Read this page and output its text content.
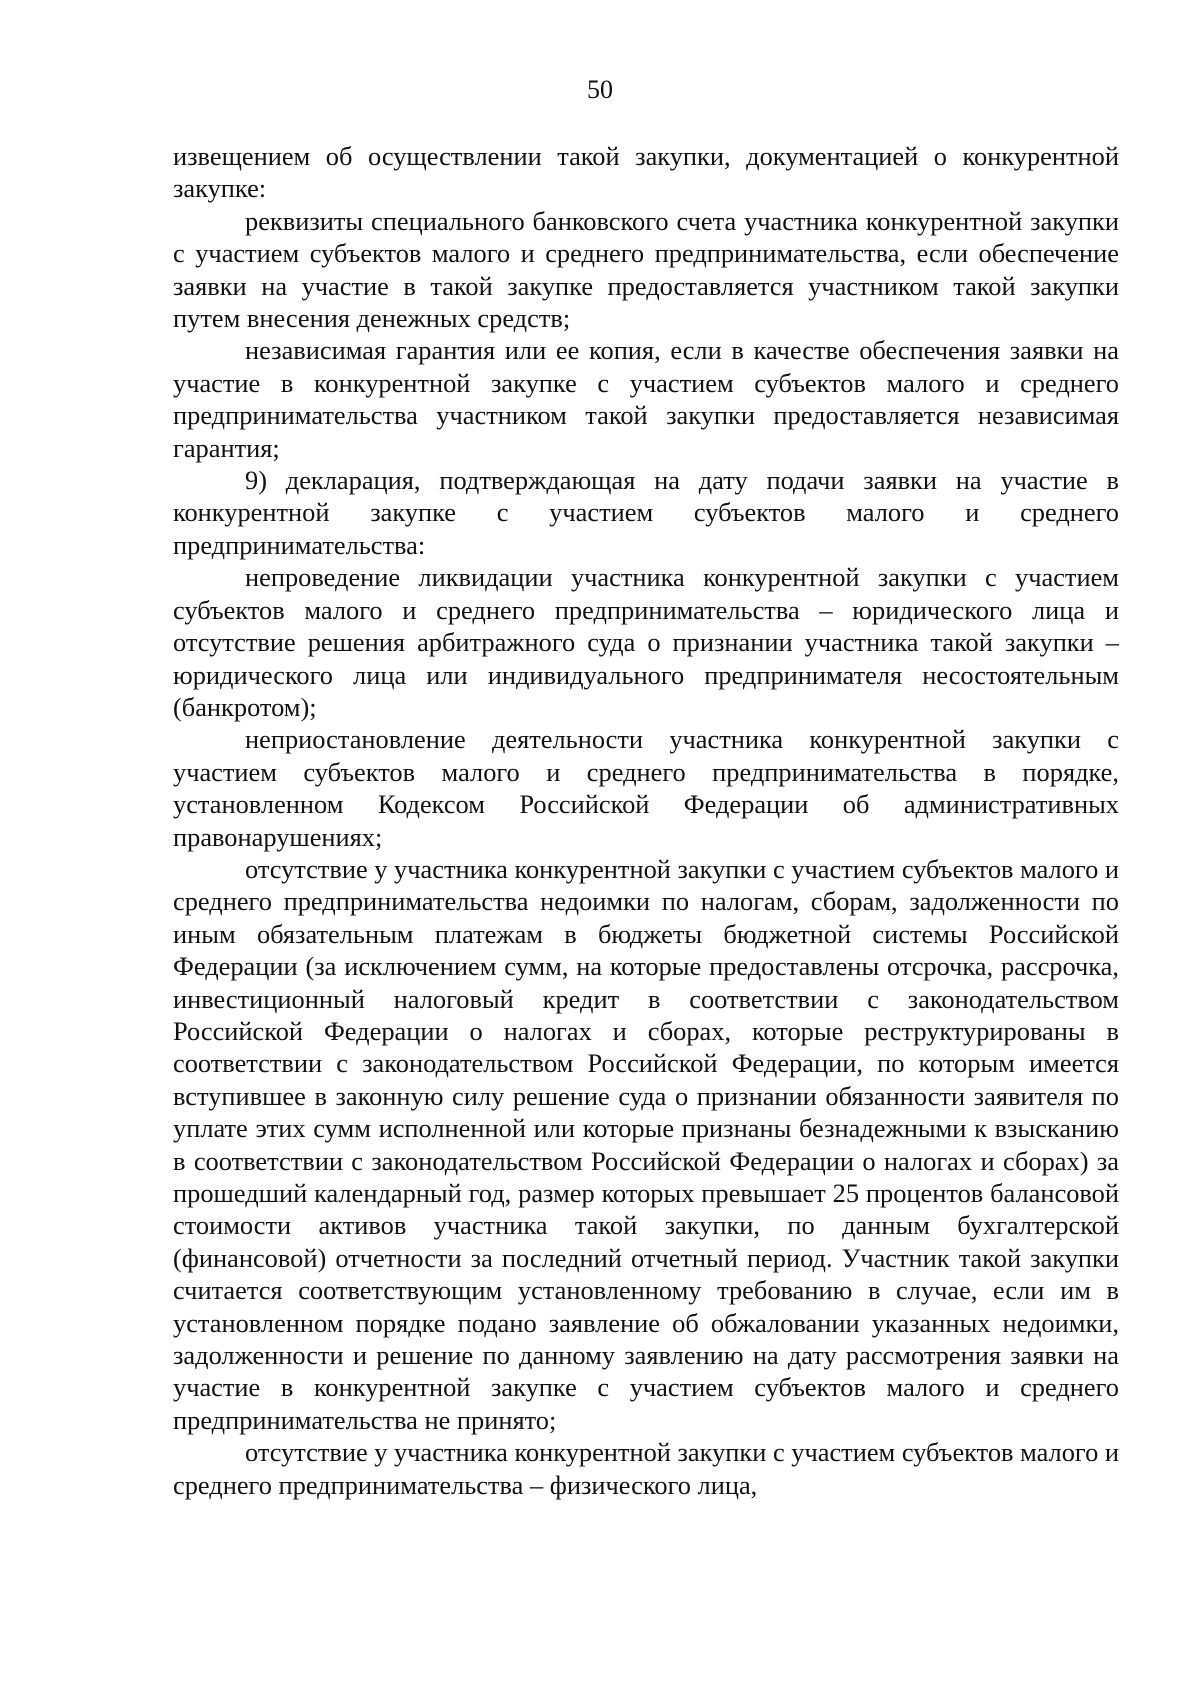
50

извещением об осуществлении такой закупки, документацией о конкурентной закупке:

реквизиты специального банковского счета участника конкурентной закупки с участием субъектов малого и среднего предпринимательства, если обеспечение заявки на участие в такой закупке предоставляется участником такой закупки путем внесения денежных средств;

независимая гарантия или ее копия, если в качестве обеспечения заявки на участие в конкурентной закупке с участием субъектов малого и среднего предпринимательства участником такой закупки предоставляется независимая гарантия;

9) декларация, подтверждающая на дату подачи заявки на участие в конкурентной закупке с участием субъектов малого и среднего предпринимательства:

непроведение ликвидации участника конкурентной закупки с участием субъектов малого и среднего предпринимательства – юридического лица и отсутствие решения арбитражного суда о признании участника такой закупки – юридического лица или индивидуального предпринимателя несостоятельным (банкротом);

неприостановление деятельности участника конкурентной закупки с участием субъектов малого и среднего предпринимательства в порядке, установленном Кодексом Российской Федерации об административных правонарушениях;

отсутствие у участника конкурентной закупки с участием субъектов малого и среднего предпринимательства недоимки по налогам, сборам, задолженности по иным обязательным платежам в бюджеты бюджетной системы Российской Федерации (за исключением сумм, на которые предоставлены отсрочка, рассрочка, инвестиционный налоговый кредит в соответствии с законодательством Российской Федерации о налогах и сборах, которые реструктурированы в соответствии с законодательством Российской Федерации, по которым имеется вступившее в законную силу решение суда о признании обязанности заявителя по уплате этих сумм исполненной или которые признаны безнадежными к взысканию в соответствии с законодательством Российской Федерации о налогах и сборах) за прошедший календарный год, размер которых превышает 25 процентов балансовой стоимости активов участника такой закупки, по данным бухгалтерской (финансовой) отчетности за последний отчетный период. Участник такой закупки считается соответствующим установленному требованию в случае, если им в установленном порядке подано заявление об обжаловании указанных недоимки, задолженности и решение по данному заявлению на дату рассмотрения заявки на участие в конкурентной закупке с участием субъектов малого и среднего предпринимательства не принято;

отсутствие у участника конкурентной закупки с участием субъектов малого и среднего предпринимательства – физического лица,
